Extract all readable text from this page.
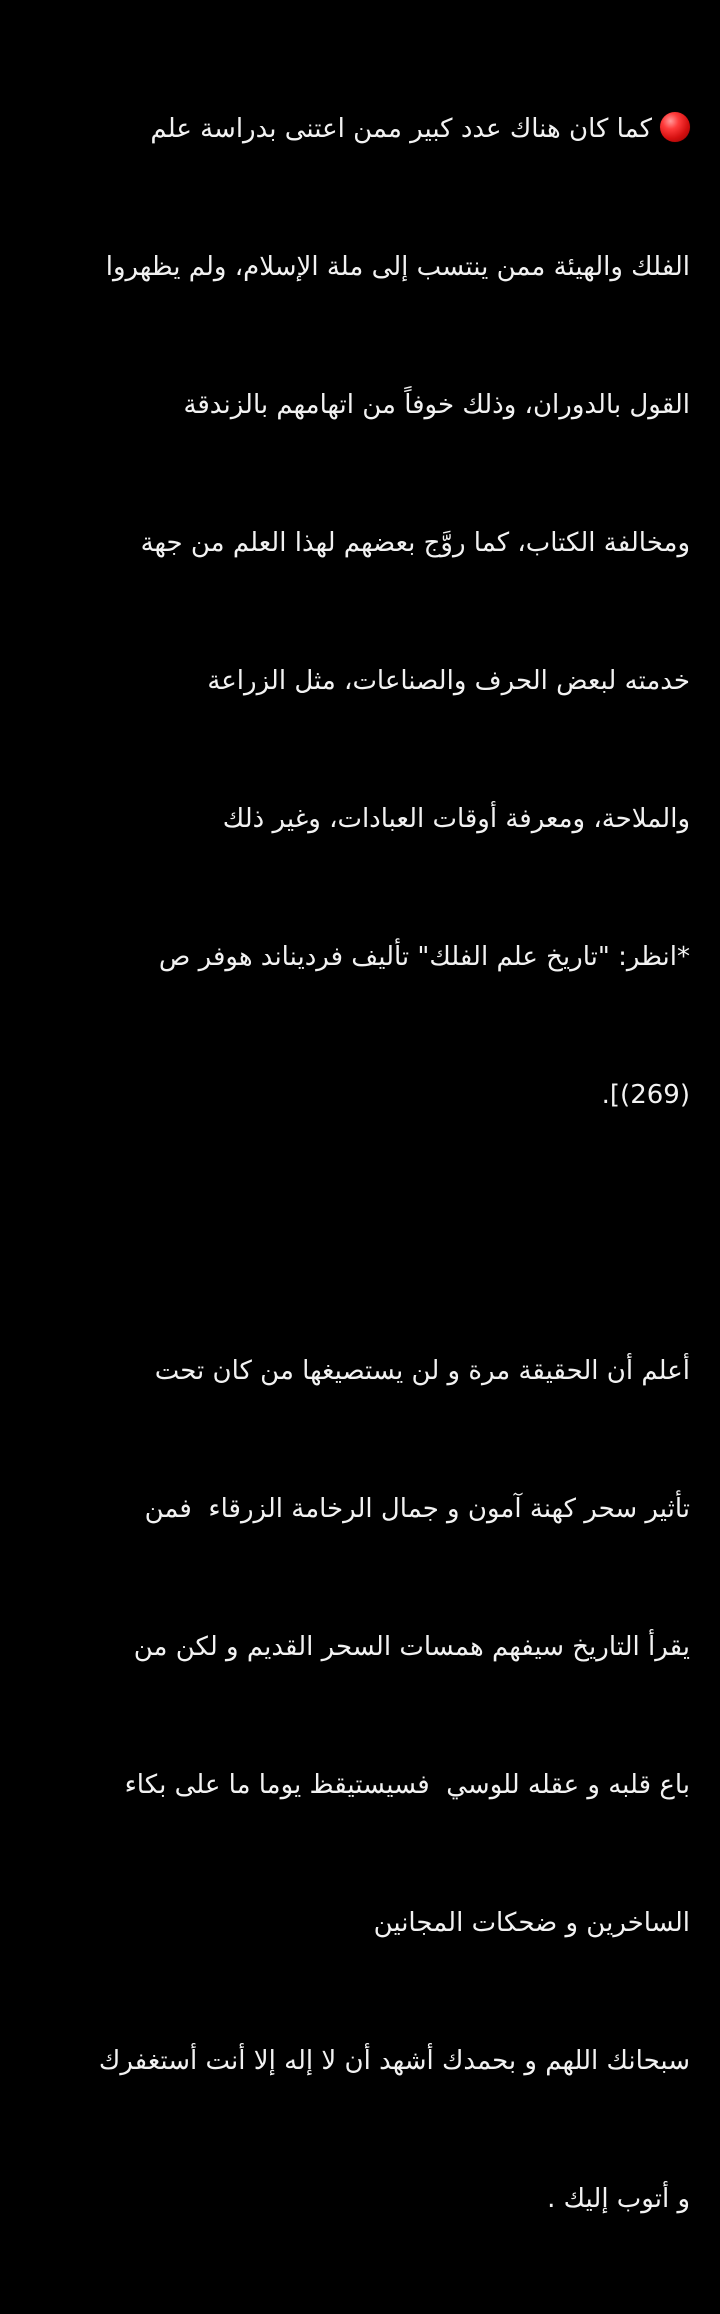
كما كان هناك عدد كبير ممن اعتنى بدراسة علم

الفلك والهيئة ممن ينتسب إلى ملة الإسلام، ولم يظهروا

القول بالدوران، وذلك خوفاً من اتهامهم بالزندقة

ومخالفة الكتاب، كما روَّج بعضهم لهذا العلم من جهة

خدمته لبعض الحرف والصناعات، مثل الزراعة

والملاحة، ومعرفة أوقات العبادات، وغير ذلك

*انظر: "تاريخ علم الفلك" تأليف فرديناند هوفر ص

(269)].

أعلم أن الحقيقة مرة و لن يستصيغها من كان تحت

تأثير سحر كهنة آمون و جمال الرخامة الزرقاء  فمن

يقرأ التاريخ سيفهم همسات السحر القديم و لكن من

باع قلبه و عقله للوسي  فسيستيقظ يوما ما على بكاء

الساخرين و ضحكات المجانين

سبحانك اللهم و بحمدك أشهد أن لا إله إلا أنت أستغفرك

و أتوب إليك .
